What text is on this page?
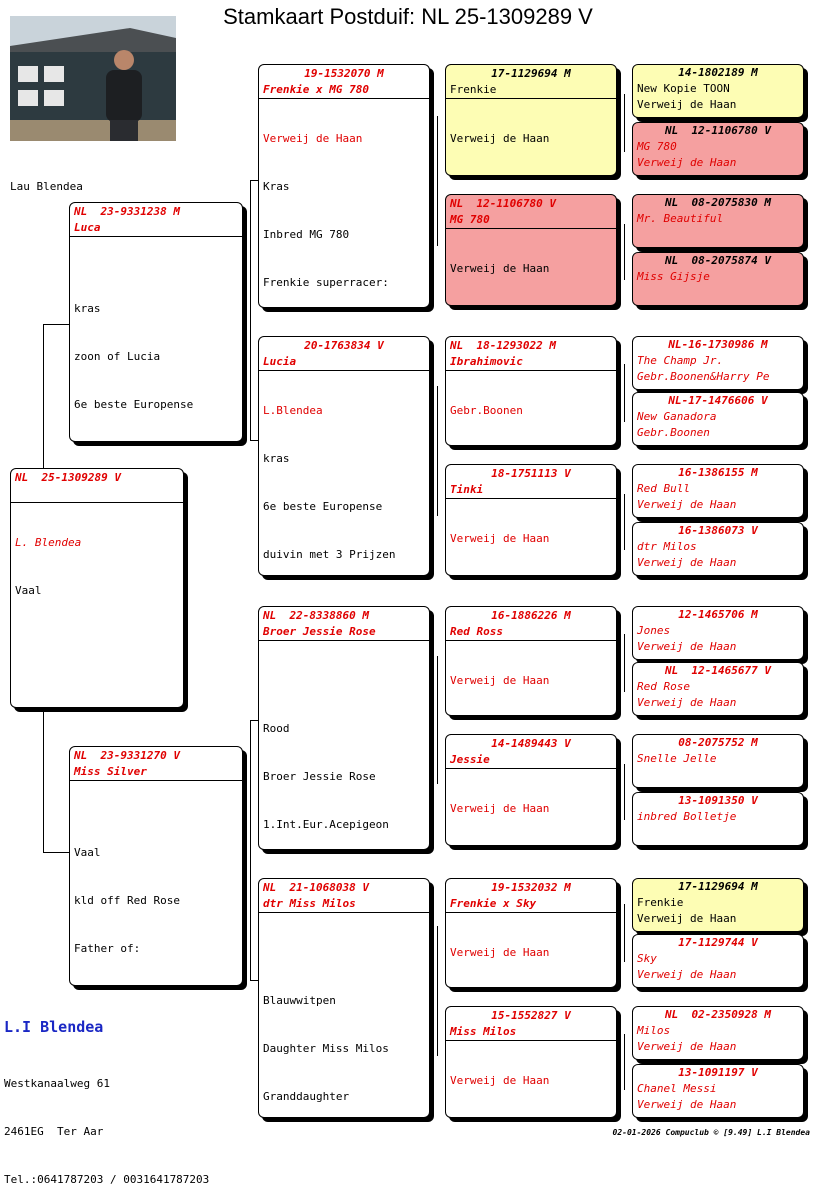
Stamkaart Postduif: NL 25-1309289 V
Lau Blendea
NL  25-1309289 V

L. Blendea

Vaal

NL  23-9331238 M
Luca

kras

zoon of Lucia

6e beste Europense

NL  23-9331270 V
Miss Silver

Vaal

kld off Red Rose

Father of:

19-1532070 M
Frenkie x MG 780

Verweij de Haan

Kras

Inbred MG 780

Frenkie superracer:

20-1763834 V
Lucia

L.Blendea

kras

6e beste Europense

duivin met 3 Prijzen

NL  22-8338860 M
Broer Jessie Rose

Rood

Broer Jessie Rose

1.Int.Eur.Acepigeon

NL  21-1068038 V
dtr Miss Milos

Blauwwitpen

Daughter Miss Milos

Granddaughter

17-1129694 M
Frenkie

Verweij de Haan

NL  12-1106780 V
MG 780

Verweij de Haan

NL  18-1293022 M
Ibrahimovic

Gebr.Boonen

18-1751113 V
Tinki

Verweij de Haan

16-1886226 M
Red Ross

Verweij de Haan

14-1489443 V
Jessie

Verweij de Haan

19-1532032 M
Frenkie x Sky

Verweij de Haan

15-1552827 V
Miss Milos

Verweij de Haan

14-1802189 M
New Kopie TOON
Verweij de Haan
NL  12-1106780 V
MG 780
Verweij de Haan
NL  08-2075830 M
Mr. Beautiful
NL  08-2075874 V
Miss Gijsje
NL-16-1730986 M
The Champ Jr.
Gebr.Boonen&Harry Pe
NL-17-1476606 V
New Ganadora
Gebr.Boonen
16-1386155 M
Red Bull
Verweij de Haan
16-1386073 V
dtr Milos
Verweij de Haan
12-1465706 M
Jones
Verweij de Haan
NL  12-1465677 V
Red Rose
Verweij de Haan
08-2075752 M
Snelle Jelle
13-1091350 V
inbred Bolletje
17-1129694 M
Frenkie
Verweij de Haan
17-1129744 V
Sky
Verweij de Haan
NL  02-2350928 M
Milos
Verweij de Haan
13-1091197 V
Chanel Messi
Verweij de Haan
L.I Blendea

Westkanaalweg 61

2461EG  Ter Aar

Tel.:0641787203 / 0031641787203

02-01-2026 Compuclub © [9.49] L.I Blendea
